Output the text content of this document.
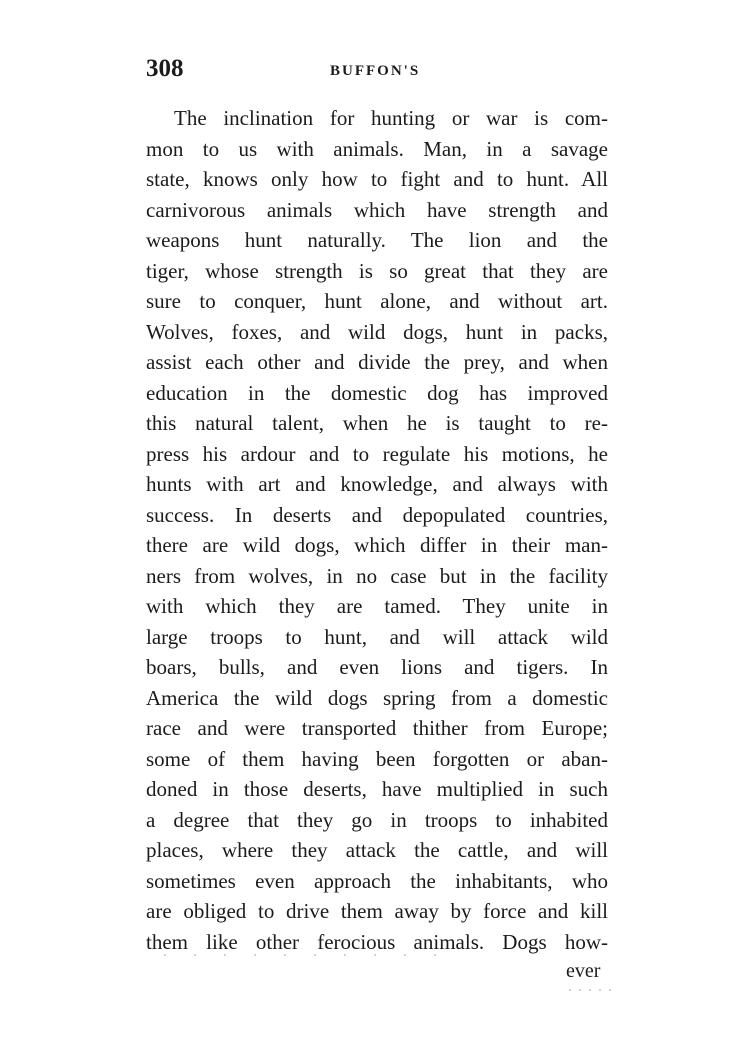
308	BUFFON'S
The inclination for hunting or war is com-
mon to us with animals. Man, in a savage
state, knows only how to fight and to hunt. All
carnivorous animals which have strength and
weapons hunt naturally. The lion and the
tiger, whose strength is so great that they are
sure to conquer, hunt alone, and without art.
Wolves, foxes, and wild dogs, hunt in packs,
assist each other and divide the prey, and when
education in the domestic dog has improved
this natural talent, when he is taught to re-
press his ardour and to regulate his motions, he
hunts with art and knowledge, and always with
success. In deserts and depopulated countries,
there are wild dogs, which differ in their man-
ners from wolves, in no case but in the facility
with which they are tamed. They unite in
large troops to hunt, and will attack wild
boars, bulls, and even lions and tigers. In
America the wild dogs spring from a domestic
race and were transported thither from Europe;
some of them having been forgotten or aban-
doned in those deserts, have multiplied in such
a degree that they go in troops to inhabited
places, where they attack the cattle, and will
sometimes even approach the inhabitants, who
are obliged to drive them away by force and kill
them like other ferocious animals. Dogs how-
ever
